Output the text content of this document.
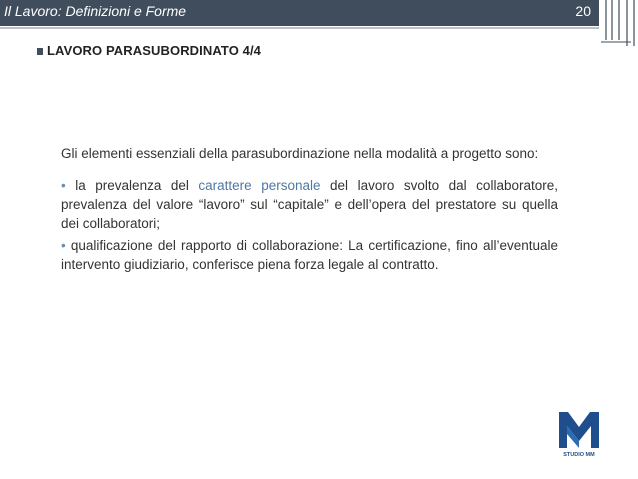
Il Lavoro: Definizioni e Forme	20
LAVORO PARASUBORDINATO 4/4

Gli elementi essenziali della parasubordinazione nella modalità a progetto sono:

• la prevalenza del carattere personale del lavoro svolto dal collaboratore, prevalenza del valore “lavoro” sul “capitale” e dell’opera del prestatore su quella dei collaboratori;

• qualificazione del rapporto di collaborazione: La certificazione, fino all’eventuale intervento giudiziario, conferisce piena forza legale al contratto.

STUDIO MM
